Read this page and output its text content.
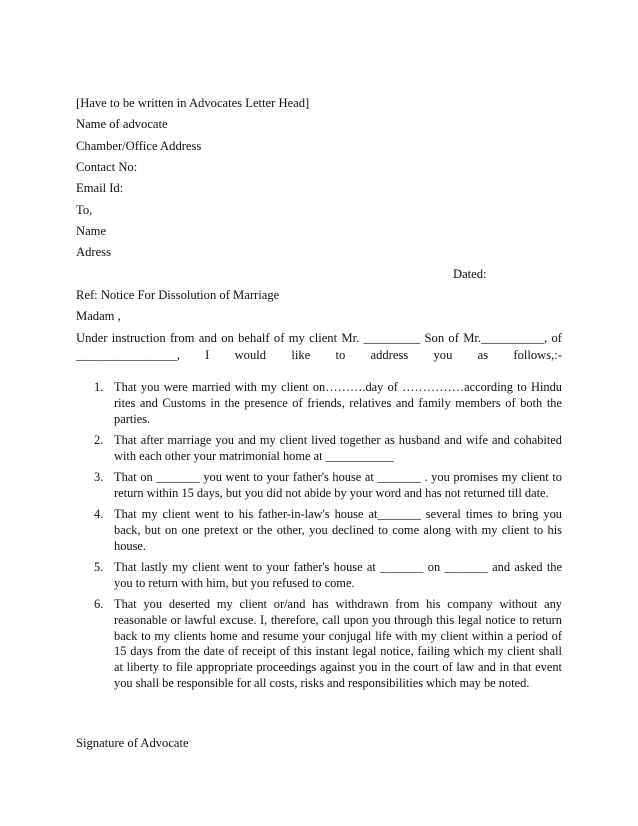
[Have to be written in Advocates Letter Head]
Name of advocate
Chamber/Office Address
Contact No:
Email Id:
To,
Name
Adress
Dated:
Ref: Notice For Dissolution of Marriage
Madam ,
Under instruction from and on behalf of my client Mr. _________ Son of Mr.__________, of
________________, I would like to address you as follows,:-
1. That you were married with my client on……….day of ……………according to Hindu rites and Customs in the presence of friends, relatives and family members of both the parties.
2. That after marriage you and my client lived together as husband and wife and cohabited with each other your matrimonial home at ___________
3. That on _______ you went to your father's house at _______ . you promises my client to return within 15 days, but you did not abide by your word and has not returned till date.
4. That my client went to his father-in-law's house at_______ several times to bring you back, but on one pretext or the other, you declined to come along with my client to his house.
5. That lastly my client went to your father's house at _______ on _______ and asked the you to return with him, but you refused to come.
6. That you deserted my client or/and has withdrawn from his company without any reasonable or lawful excuse. I, therefore, call upon you through this legal notice to return back to my clients home and resume your conjugal life with my client within a period of 15 days from the date of receipt of this instant legal notice, failing which my client shall at liberty to file appropriate proceedings against you in the court of law and in that event you shall be responsible for all costs, risks and responsibilities which may be noted.
Signature of Advocate
